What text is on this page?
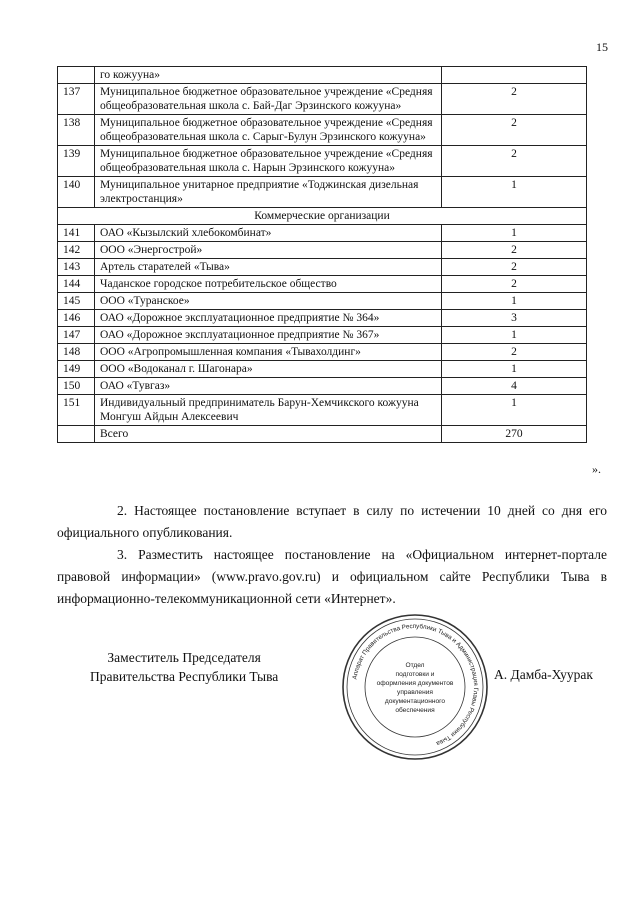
15
	го кожууна»	
137	Муниципальное бюджетное образовательное учреждение «Средняя общеобразовательная школа с. Бай-Даг Эрзинского кожууна»	2
138	Муниципальное бюджетное образовательное учреждение «Средняя общеобразовательная школа с. Сарыг-Булун Эрзинского кожууна»	2
139	Муниципальное бюджетное образовательное учреждение «Средняя общеобразовательная школа с. Нарын Эрзинского кожууна»	2
140	Муниципальное унитарное предприятие «Тоджинская дизельная электростанция»	1
Коммерческие организации		
141	ОАО «Кызылский хлебокомбинат»	1
142	ООО «Энергострой»	2
143	Артель старателей «Тыва»	2
144	Чаданское городское потребительское общество	2
145	ООО «Туранское»	1
146	ОАО «Дорожное эксплуатационное предприятие № 364»	3
147	ОАО «Дорожное эксплуатационное предприятие № 367»	1
148	ООО «Агропромышленная компания «Тывахолдинг»	2
149	ООО «Водоканал г. Шагонара»	1
150	ОАО «Тувгаз»	4
151	Индивидуальный предприниматель Барун-Хемчикского кожууна Монгуш Айдын Алексеевич	1
	Всего	270
».

2. Настоящее постановление вступает в силу по истечении 10 дней со дня его официального опубликования.

3. Разместить настоящее постановление на «Официальном интернет-портале правовой информации» (www.pravo.gov.ru) и официальном сайте Республики Тыва в информационно-телекоммуникационной сети «Интернет».

Заместитель Председателя
Правительства Республики Тыва	Аппарат Правительства Республики Тыва и Администрация Главы Республики Тыва
Отдел
подготовки и
оформления документов
управления
документационного
обеспечения
А. Дамба-Хуурак
